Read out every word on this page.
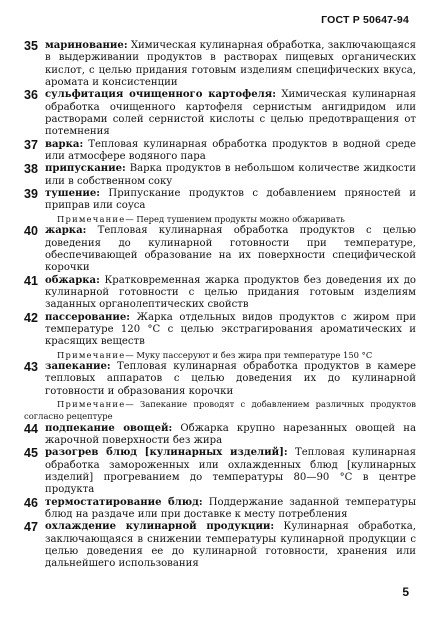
ГОСТ Р 50647-94
35 маринование: Химическая кулинарная обработка, заключающаяся в выдерживании продуктов в растворах пищевых органических кислот, с целью придания готовым изделиям специфических вкуса, аромата и консистенции
36 сульфитация очищенного картофеля: Химическая кулинарная обработка очищенного картофеля сернистым ангидридом или растворами солей сернистой кислоты с целью предотвращения от потемнения
37 варка: Тепловая кулинарная обработка продуктов в водной среде или атмосфере водяного пара
38 припускание: Варка продуктов в небольшом количестве жидкости или в собственном соку
39 тушение: Припускание продуктов с добавлением пряностей и приправ или соуса
Примечание— Перед тушением продукты можно обжаривать
40 жарка: Тепловая кулинарная обработка продуктов с целью доведения до кулинарной готовности при температуре, обеспечивающей образование на их поверхности специфической корочки
41 обжарка: Кратковременная жарка продуктов без доведения их до кулинарной готовности с целью придания готовым изделиям заданных органолептических свойств
42 пассерование: Жарка отдельных видов продуктов с жиром при температуре 120 °С с целью экстрагирования ароматических и красящих веществ
Примечание— Муку пассеруют и без жира при температуре 150 °С
43 запекание: Тепловая кулинарная обработка продуктов в камере тепловых аппаратов с целью доведения их до кулинарной готовности и образования корочки
Примечание— Запекание проводят с добавлением различных продуктов согласно рецептуре
44 подпекание овощей: Обжарка крупно нарезанных овощей на жарочной поверхности без жира
45 разогрев блюд [кулинарных изделий]: Тепловая кулинарная обработка замороженных или охлажденных блюд [кулинарных изделий] прогреванием до температуры 80—90 °С в центре продукта
46 термостатирование блюд: Поддержание заданной температуры блюд на раздаче или при доставке к месту потребления
47 охлаждение кулинарной продукции: Кулинарная обработка, заключающаяся в снижении температуры кулинарной продукции с целью доведения ее до кулинарной готовности, хранения или дальнейшего использования
5
